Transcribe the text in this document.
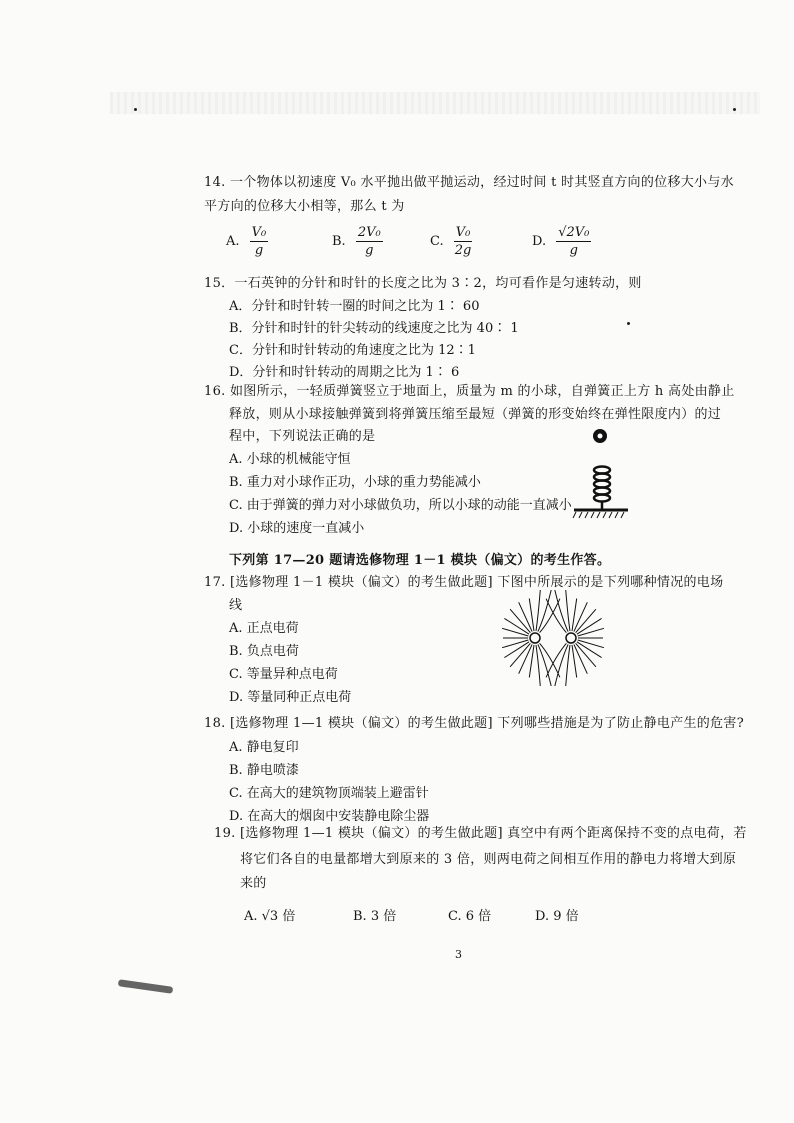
14. 一个物体以初速度 V₀ 水平抛出做平抛运动，经过时间 t 时其竖直方向的位移大小与水
平方向的位移大小相等，那么 t 为
A. $\frac{\text{V₀}}{g}$	B. $\frac{\text{2V₀}}{g}$	C. $\frac{\text{V₀}}{2g}$	D. $\frac{\text{√2V₀}}{g}$
15．一石英钟的分针和时针的长度之比为 3∶2，均可看作是匀速转动，则
A．分针和时针转一圈的时间之比为 1∶ 60
B．分针和时针的针尖转动的线速度之比为 40∶ 1
C．分针和时针转动的角速度之比为 12∶1
D．分针和时针转动的周期之比为 1∶ 6
16. 如图所示，一轻质弹簧竖立于地面上，质量为 m 的小球，自弹簧正上方 h 高处由静止
释放，则从小球接触弹簧到将弹簧压缩至最短（弹簧的形变始终在弹性限度内）的过
程中，下列说法正确的是
A. 小球的机械能守恒
B. 重力对小球作正功，小球的重力势能减小
C. 由于弹簧的弹力对小球做负功，所以小球的动能一直减小
D. 小球的速度一直减小
下列第 17—20 题请选修物理 1－1 模块（偏文）的考生作答。
17. [选修物理 1－1 模块（偏文）的考生做此题] 下图中所展示的是下列哪种情况的电场
线
A. 正点电荷
B. 负点电荷
C. 等量异种点电荷
D. 等量同种正点电荷
18. [选修物理 1—1 模块（偏文）的考生做此题] 下列哪些措施是为了防止静电产生的危害?
A. 静电复印
B. 静电喷漆
C. 在高大的建筑物顶端装上避雷针
D. 在高大的烟囱中安装静电除尘器
19. [选修物理 1—1 模块（偏文）的考生做此题] 真空中有两个距离保持不变的点电荷，若
将它们各自的电量都增大到原来的 3 倍，则两电荷之间相互作用的静电力将增大到原
来的
A. √3 倍	B. 3 倍	C. 6 倍	D. 9 倍
3
